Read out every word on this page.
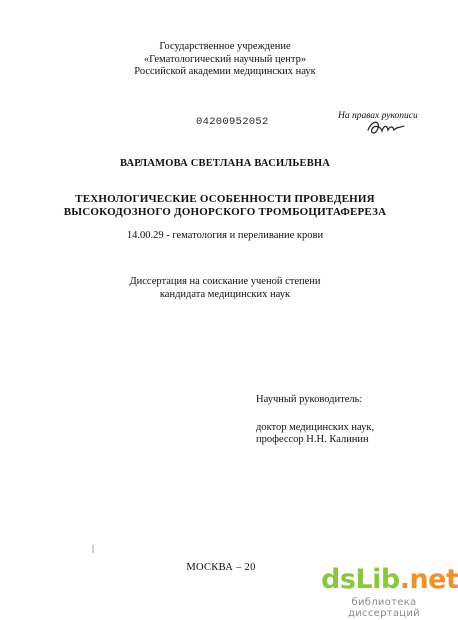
Государственное учреждение
«Гематологический научный центр»
Российской академии медицинских наук
04200952052	На правах рукописи
ВАРЛАМОВА СВЕТЛАНА ВАСИЛЬЕВНА
ТЕХНОЛОГИЧЕСКИЕ ОСОБЕННОСТИ ПРОВЕДЕНИЯ
ВЫСОКОДОЗНОГО ДОНОРСКОГО ТРОМБОЦИТАФЕРЕЗА
14.00.29 - гематология и переливание крови
Диссертация на соискание ученой степени
кандидата медицинских наук
Научный руководитель:
доктор медицинских наук,
профессор Н.Н. Калинин
МОСКВА – 20	dsLib.net
библиотека диссертаций
